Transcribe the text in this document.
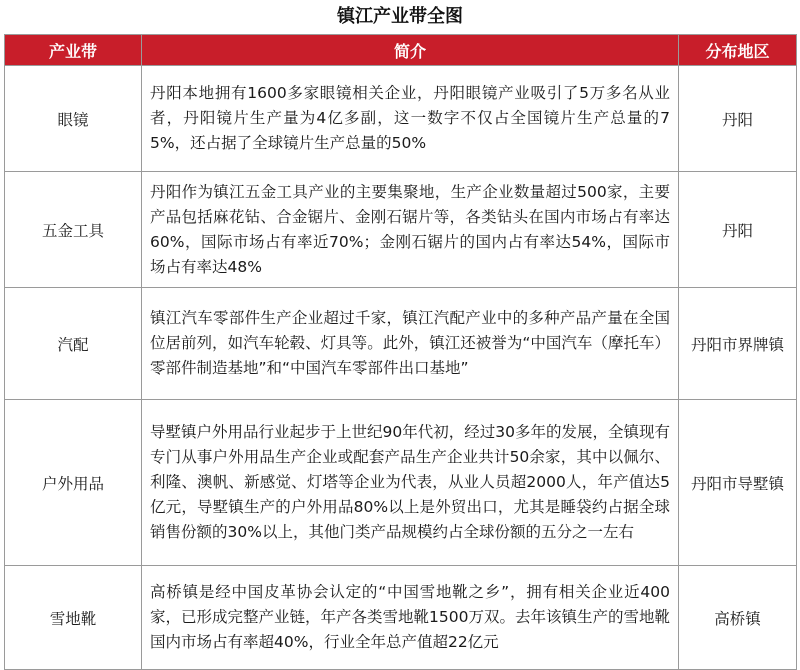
镇江产业带全图
产业带	简介	分布地区
眼镜	丹阳本地拥有1600多家眼镜相关企业，丹阳眼镜产业吸引了5万多名从业者，丹阳镜片生产量为4亿多副，这一数字不仅占全国镜片生产总量的75%，还占据了全球镜片生产总量的50%	丹阳
五金工具	丹阳作为镇江五金工具产业的主要集聚地，生产企业数量超过500家，主要产品包括麻花钻、合金锯片、金刚石锯片等，各类钻头在国内市场占有率达60%，国际市场占有率近70%；金刚石锯片的国内占有率达54%，国际市场占有率达48%	丹阳
汽配	镇江汽车零部件生产企业超过千家，镇江汽配产业中的多种产品产量在全国位居前列，如汽车轮毂、灯具等。此外，镇江还被誉为“中国汽车（摩托车）零部件制造基地”和“中国汽车零部件出口基地”	丹阳市界牌镇
户外用品	导墅镇户外用品行业起步于上世纪90年代初，经过30多年的发展，全镇现有专门从事户外用品生产企业或配套产品生产企业共计50余家，其中以佩尔、利隆、澳帆、新感觉、灯塔等企业为代表，从业人员超2000人，年产值达5亿元，导墅镇生产的户外用品80%以上是外贸出口，尤其是睡袋约占据全球销售份额的30%以上，其他门类产品规模约占全球份额的五分之一左右	丹阳市导墅镇
雪地靴	高桥镇是经中国皮革协会认定的“中国雪地靴之乡”，拥有相关企业近400家，已形成完整产业链，年产各类雪地靴1500万双。去年该镇生产的雪地靴国内市场占有率超40%，行业全年总产值超22亿元	高桥镇
